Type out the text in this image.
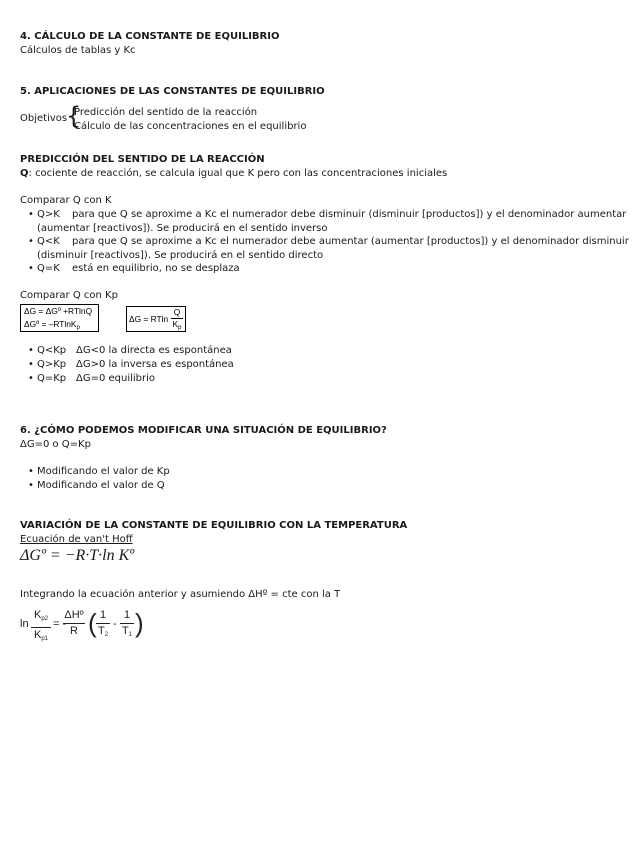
4. CÁLCULO DE LA CONSTANTE DE EQUILIBRIO
Cálculos de tablas y Kc
5. APLICACIONES DE LAS CONSTANTES DE EQUILIBRIO
Objetivos
{
Predicción del sentido de la reacción
Cálculo de las concentraciones en el equilibrio
PREDICCIÓN DEL SENTIDO DE LA REACCIÓN
Q: cociente de reacción, se calcula igual que K pero con las concentraciones iniciales
Comparar Q con K
• Q>K para que Q se aproxime a Kc el numerador debe disminuir (disminuir [productos]) y el denominador aumentar
(aumentar [reactivos]). Se producirá en el sentido inverso
• Q<K para que Q se aproxime a Kc el numerador debe aumentar (aumentar [productos]) y el denominador disminuir
(disminuir [reactivos]). Se producirá en el sentido directo
• Q=K está en equilibrio, no se desplaza
Comparar Q con Kp
ΔG = ΔGº +RTlnQ
ΔGº = –RTlnK$_p$
ΔG = RTln $\frac{Q}{K_p}$
• Q<Kp ΔG<0 la directa es espontánea
• Q>Kp ΔG>0 la inversa es espontánea
• Q=Kp ΔG=0 equilibrio
6. ¿CÓMO PODEMOS MODIFICAR UNA SITUACIÓN DE EQUILIBRIO?
ΔG=0 o Q=Kp
• Modificando el valor de Kp
• Modificando el valor de Q
VARIACIÓN DE LA CONSTANTE DE EQUILIBRIO CON LA TEMPERATURA
Ecuación de van't Hoff
ΔGº = −R·T·ln Kº
Integrando la ecuación anterior y asumiendo ΔHº = cte con la T
ln
$K_{p2}$
$K_{p1}$
= -
ΔHº
R ( 1
$T_2$
-
1
$T_1$ )
